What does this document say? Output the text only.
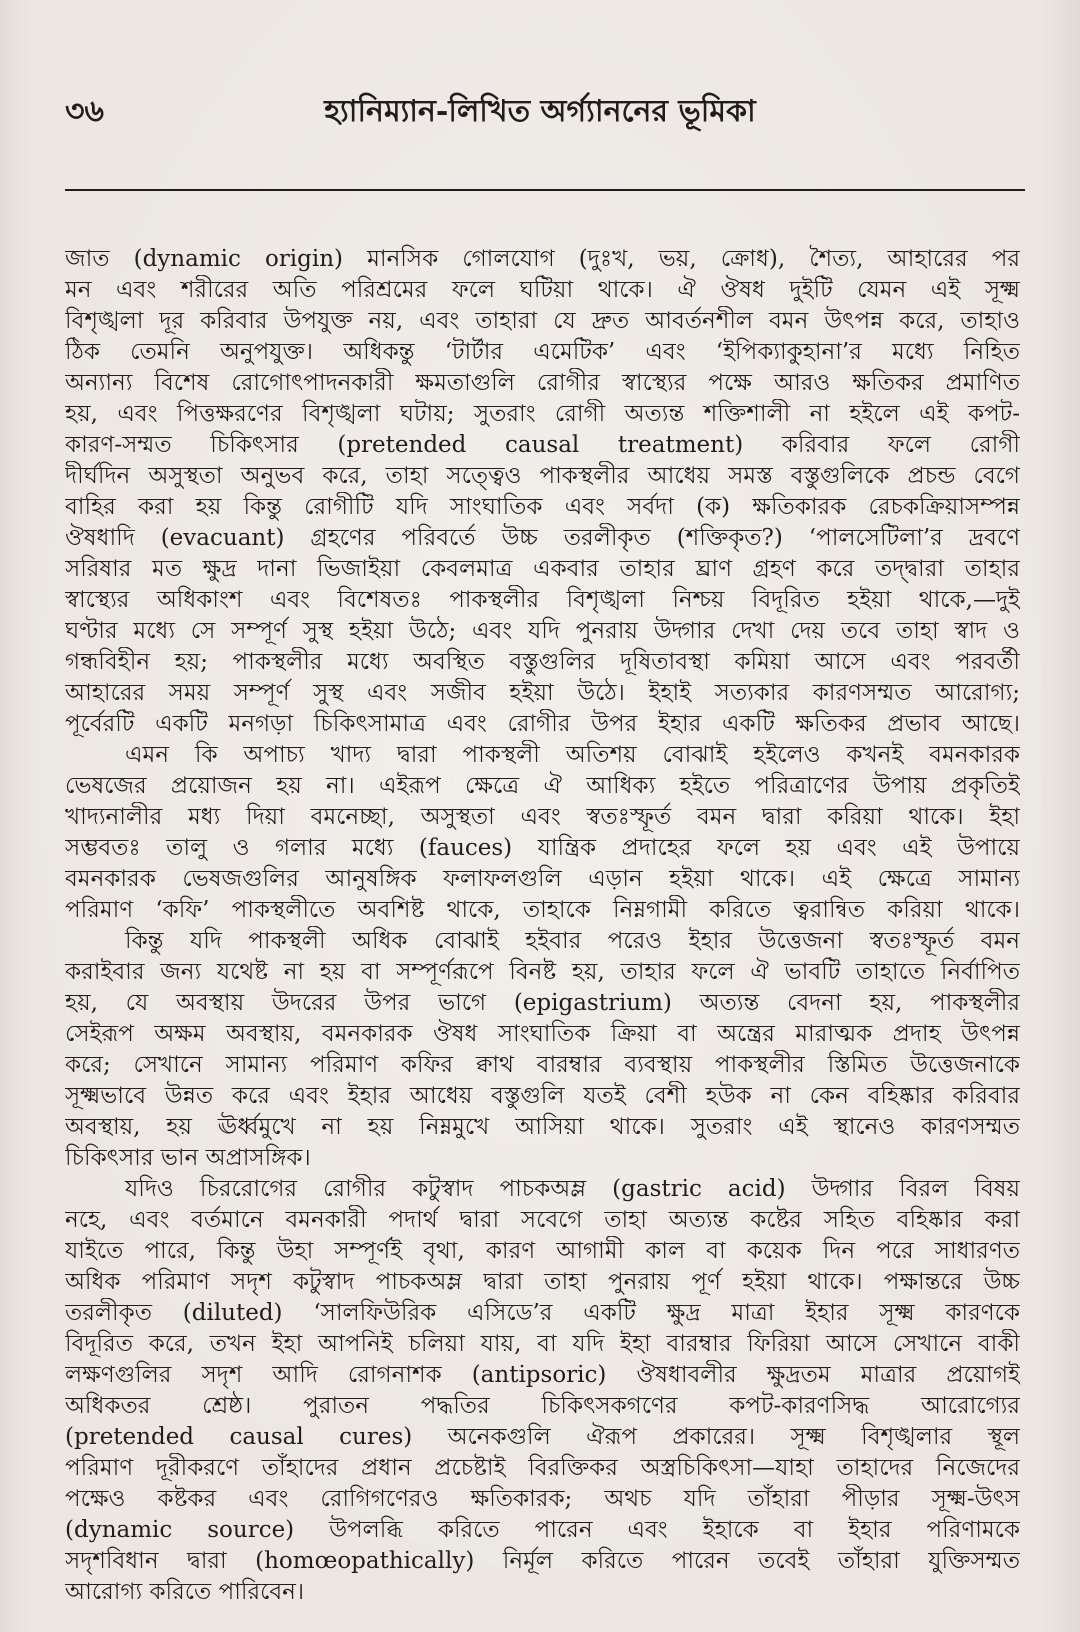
৩৬	হ্যানিম্যান-লিখিত অর্গ্যাননের ভূমিকা
জাত (dynamic origin) মানসিক গোলযোগ (দুঃখ, ভয়, ক্রোধ), শৈত্য, আহারের পর
মন এবং শরীরের অতি পরিশ্রমের ফলে ঘটিয়া থাকে। ঐ ঔষধ দুইটি যেমন এই সূক্ষ্ম
বিশৃঙ্খলা দূর করিবার উপযুক্ত নয়, এবং তাহারা যে দ্রুত আবর্তনশীল বমন উৎপন্ন করে, তাহাও
ঠিক তেমনি অনুপযুক্ত। অধিকন্তু ‘টার্টার এমেটিক’ এবং ‘ইপিক্যাকুহানা’র মধ্যে নিহিত
অন্যান্য বিশেষ রোগোৎপাদনকারী ক্ষমতাগুলি রোগীর স্বাস্থ্যের পক্ষে আরও ক্ষতিকর প্রমাণিত
হয়, এবং পিত্তক্ষরণের বিশৃঙ্খলা ঘটায়; সুতরাং রোগী অত্যন্ত শক্তিশালী না হইলে এই কপট-
কারণ-সম্মত চিকিৎসার (pretended causal treatment) করিবার ফলে রোগী
দীর্ঘদিন অসুস্থতা অনুভব করে, তাহা সত্ত্বেও পাকস্থলীর আধেয় সমস্ত বস্তুগুলিকে প্রচন্ড বেগে
বাহির করা হয় কিন্তু রোগীটি যদি সাংঘাতিক এবং সর্বদা (ক) ক্ষতিকারক রেচকক্রিয়াসম্পন্ন
ঔষধাদি (evacuant) গ্রহণের পরিবর্তে উচ্চ তরলীকৃত (শক্তিকৃত?) ‘পালসেটিলা’র দ্রবণে
সরিষার মত ক্ষুদ্র দানা ভিজাইয়া কেবলমাত্র একবার তাহার ঘ্রাণ গ্রহণ করে তদ্দ্বারা তাহার
স্বাস্থ্যের অধিকাংশ এবং বিশেষতঃ পাকস্থলীর বিশৃঙ্খলা নিশ্চয় বিদূরিত হইয়া থাকে,—দুই
ঘণ্টার মধ্যে সে সম্পূর্ণ সুস্থ হইয়া উঠে; এবং যদি পুনরায় উদ্গার দেখা দেয় তবে তাহা স্বাদ ও
গন্ধবিহীন হয়; পাকস্থলীর মধ্যে অবস্থিত বস্তুগুলির দূষিতাবস্থা কমিয়া আসে এবং পরবর্তী
আহারের সময় সম্পূর্ণ সুস্থ এবং সজীব হইয়া উঠে। ইহাই সত্যকার কারণসম্মত আরোগ্য;
পূর্বেরটি একটি মনগড়া চিকিৎসামাত্র এবং রোগীর উপর ইহার একটি ক্ষতিকর প্রভাব আছে।
এমন কি অপাচ্য খাদ্য দ্বারা পাকস্থলী অতিশয় বোঝাই হইলেও কখনই বমনকারক
ভেষজের প্রয়োজন হয় না। এইরূপ ক্ষেত্রে ঐ আধিক্য হইতে পরিত্রাণের উপায় প্রকৃতিই
খাদ্যনালীর মধ্য দিয়া বমনেচ্ছা, অসুস্থতা এবং স্বতঃস্ফূর্ত বমন দ্বারা করিয়া থাকে। ইহা
সম্ভবতঃ তালু ও গলার মধ্যে (fauces) যান্ত্রিক প্রদাহের ফলে হয় এবং এই উপায়ে
বমনকারক ভেষজগুলির আনুষঙ্গিক ফলাফলগুলি এড়ান হইয়া থাকে। এই ক্ষেত্রে সামান্য
পরিমাণ ‘কফি’ পাকস্থলীতে অবশিষ্ট থাকে, তাহাকে নিম্নগামী করিতে ত্বরান্বিত করিয়া থাকে।
কিন্তু যদি পাকস্থলী অধিক বোঝাই হইবার পরেও ইহার উত্তেজনা স্বতঃস্ফূর্ত বমন
করাইবার জন্য যথেষ্ট না হয় বা সম্পূর্ণরূপে বিনষ্ট হয়, তাহার ফলে ঐ ভাবটি তাহাতে নির্বাপিত
হয়, যে অবস্থায় উদরের উপর ভাগে (epigastrium) অত্যন্ত বেদনা হয়, পাকস্থলীর
সেইরূপ অক্ষম অবস্থায়, বমনকারক ঔষধ সাংঘাতিক ক্রিয়া বা অন্ত্রের মারাত্মক প্রদাহ উৎপন্ন
করে; সেখানে সামান্য পরিমাণ কফির ক্বাথ বারম্বার ব্যবস্থায় পাকস্থলীর স্তিমিত উত্তেজনাকে
সূক্ষ্মভাবে উন্নত করে এবং ইহার আধেয় বস্তুগুলি যতই বেশী হউক না কেন বহিষ্কার করিবার
অবস্থায়, হয় ঊর্ধ্বমুখে না হয় নিম্নমুখে আসিয়া থাকে। সুতরাং এই স্থানেও কারণসম্মত
চিকিৎসার ভান অপ্রাসঙ্গিক।
যদিও চিররোগের রোগীর কটুস্বাদ পাচকঅম্ল (gastric acid) উদ্গার বিরল বিষয়
নহে, এবং বর্তমানে বমনকারী পদার্থ দ্বারা সবেগে তাহা অত্যন্ত কষ্টের সহিত বহিষ্কার করা
যাইতে পারে, কিন্তু উহা সম্পূর্ণই বৃথা, কারণ আগামী কাল বা কয়েক দিন পরে সাধারণত
অধিক পরিমাণ সদৃশ কটুস্বাদ পাচকঅম্ল দ্বারা তাহা পুনরায় পূর্ণ হইয়া থাকে। পক্ষান্তরে উচ্চ
তরলীকৃত (diluted) ‘সালফিউরিক এসিডে’র একটি ক্ষুদ্র মাত্রা ইহার সূক্ষ্ম কারণকে
বিদূরিত করে, তখন ইহা আপনিই চলিয়া যায়, বা যদি ইহা বারম্বার ফিরিয়া আসে সেখানে বাকী
লক্ষণগুলির সদৃশ আদি রোগনাশক (antipsoric) ঔষধাবলীর ক্ষুদ্রতম মাত্রার প্রয়োগই
অধিকতর শ্রেষ্ঠ। পুরাতন পদ্ধতির চিকিৎসকগণের কপট-কারণসিদ্ধ আরোগ্যের
(pretended causal cures) অনেকগুলি ঐরূপ প্রকারের। সূক্ষ্ম বিশৃঙ্খলার স্থূল
পরিমাণ দূরীকরণে তাঁহাদের প্রধান প্রচেষ্টাই বিরক্তিকর অস্ত্রচিকিৎসা—যাহা তাহাদের নিজেদের
পক্ষেও কষ্টকর এবং রোগিগণেরও ক্ষতিকারক; অথচ যদি তাঁহারা পীড়ার সূক্ষ্ম-উৎস
(dynamic source) উপলব্ধি করিতে পারেন এবং ইহাকে বা ইহার পরিণামকে
সদৃশবিধান দ্বারা (homœopathically) নির্মূল করিতে পারেন তবেই তাঁহারা যুক্তিসম্মত
আরোগ্য করিতে পারিবেন।
